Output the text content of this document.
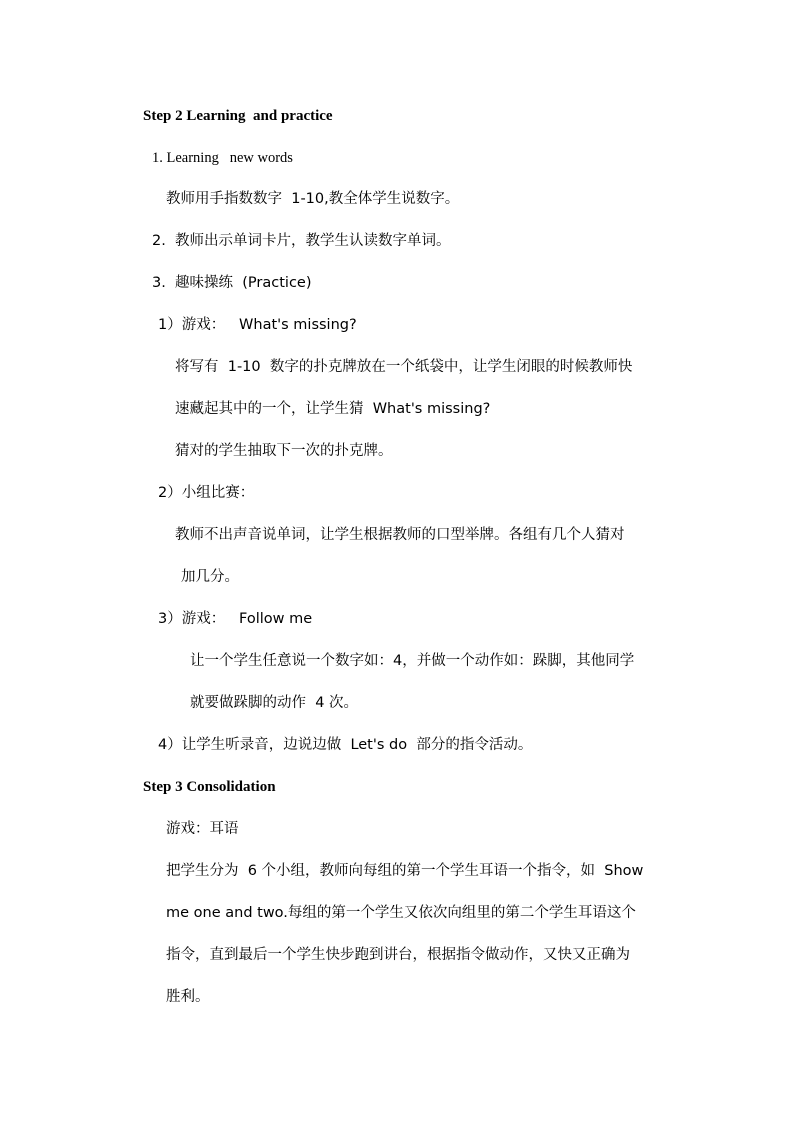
Step 2 Learning  and practice
1. Learning   new words
教师用手指数数字  1-10,教全体学生说数字。
2.  教师出示单词卡片，教学生认读数字单词。
3.  趣味操练  (Practice)
1）游戏：   What's missing?
将写有  1-10  数字的扑克牌放在一个纸袋中，让学生闭眼的时候教师快
速藏起其中的一个，让学生猜  What's missing?
猜对的学生抽取下一次的扑克牌。
2）小组比赛：
教师不出声音说单词，让学生根据教师的口型举牌。各组有几个人猜对
加几分。
3）游戏：   Follow me
让一个学生任意说一个数字如：4，并做一个动作如：跺脚，其他同学
就要做跺脚的动作  4 次。
4）让学生听录音，边说边做  Let's do  部分的指令活动。
Step 3 Consolidation
游戏：耳语
把学生分为  6 个小组，教师向每组的第一个学生耳语一个指令，如  Show
me one and two.每组的第一个学生又依次向组里的第二个学生耳语这个
指令，直到最后一个学生快步跑到讲台，根据指令做动作，又快又正确为
胜利。
